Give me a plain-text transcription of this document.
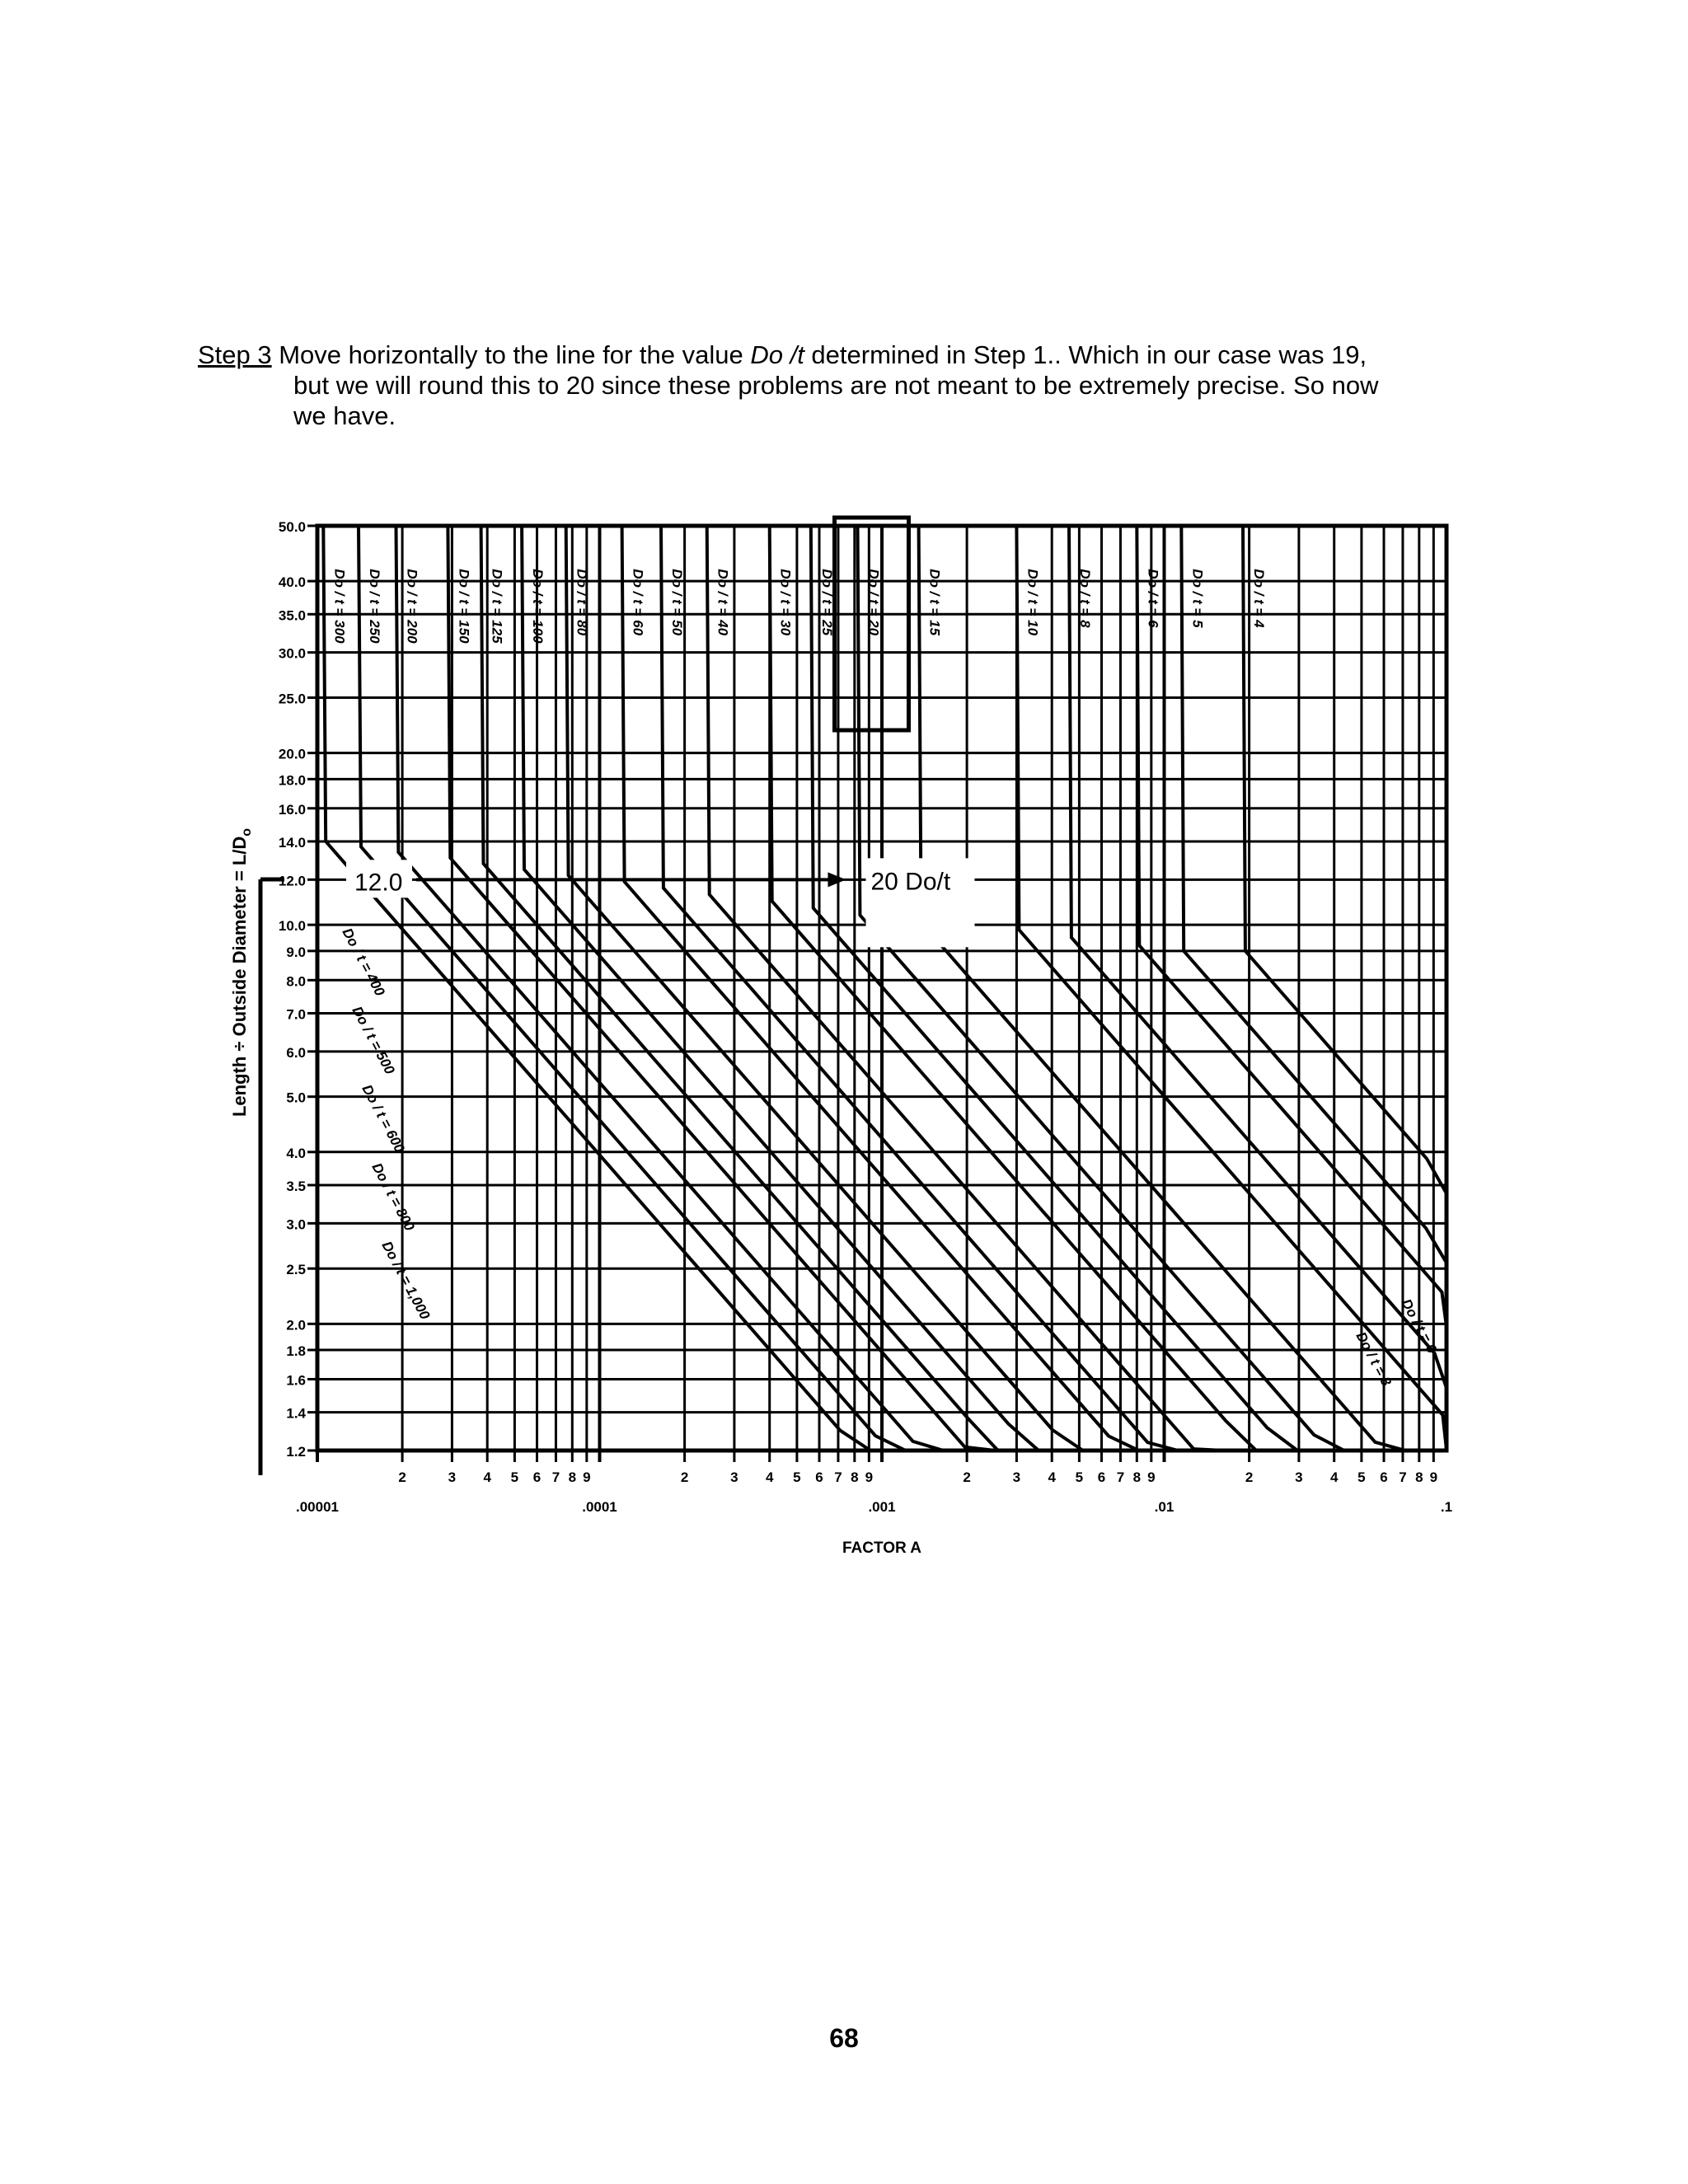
Step 3 Move horizontally to the line for the value Do /t determined in Step 1.. Which in our case was 19,
but we will round this to 20 since these problems are not meant to be extremely precise. So now
we have.
50.0
40.0
35.0
30.0
25.0
20.0
18.0
16.0
14.0
12.0
10.0
9.0
8.0
7.0
6.0
5.0
4.0
3.5
3.0
2.5
2.0
1.8
1.6
1.4
1.2
2	3 4 5 6 7 8 9	2	3 4 5 6 7 8 9	2	3 4 5 6 7 8 9	2	3 4 5 6 7 8 9
.00001	.0001	.001	.01	.1
FACTOR A
Length ÷ Outside Diameter = $L/D_o$
Do / t = 300 Do / t = 250 Do / t = 200	Do / t = 150 Do / t = 125 Do / t = 100 Do / t = 80	Do / t = 60 Do / t = 50 Do / t = 40	Do / t = 30 Do / t = 25 Do / t = 20	Do / t = 15	Do / t = 10	Do / t = 8	Do / t = 6 Do / t = 5	Do / t = 4
Do / t = 400
Do / t = 500
Do / t = 600
Do / t = 800
Do / t = 1,000
Do / t = 6
Do / t = 8
12.0	20 Do/t
68
